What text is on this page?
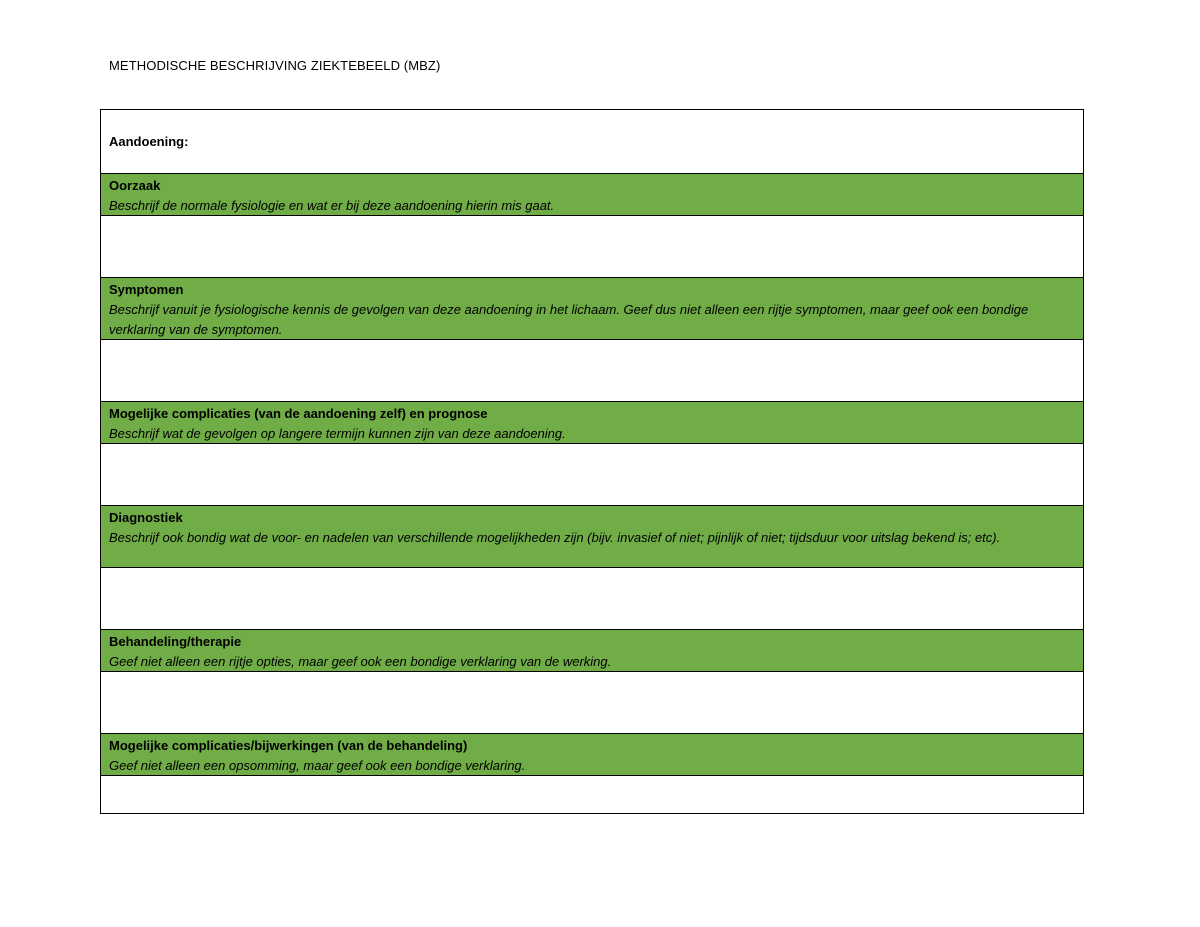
METHODISCHE BESCHRIJVING ZIEKTEBEELD (MBZ)
Aandoening:
Oorzaak
Beschrijf de normale fysiologie en wat er bij deze aandoening hierin mis gaat.
Symptomen
Beschrijf vanuit je fysiologische kennis de gevolgen van deze aandoening in het lichaam. Geef dus niet alleen een rijtje symptomen, maar geef ook een bondige verklaring van de symptomen.
Mogelijke complicaties (van de aandoening zelf) en prognose
Beschrijf wat de gevolgen op langere termijn kunnen zijn van deze aandoening.
Diagnostiek
Beschrijf ook bondig wat de voor- en nadelen van verschillende mogelijkheden zijn (bijv. invasief of niet; pijnlijk of niet; tijdsduur voor uitslag bekend is; etc).
Behandeling/therapie
Geef niet alleen een rijtje opties, maar geef ook een bondige verklaring van de werking.
Mogelijke complicaties/bijwerkingen (van de behandeling)
Geef niet alleen een opsomming, maar geef ook een bondige verklaring.
